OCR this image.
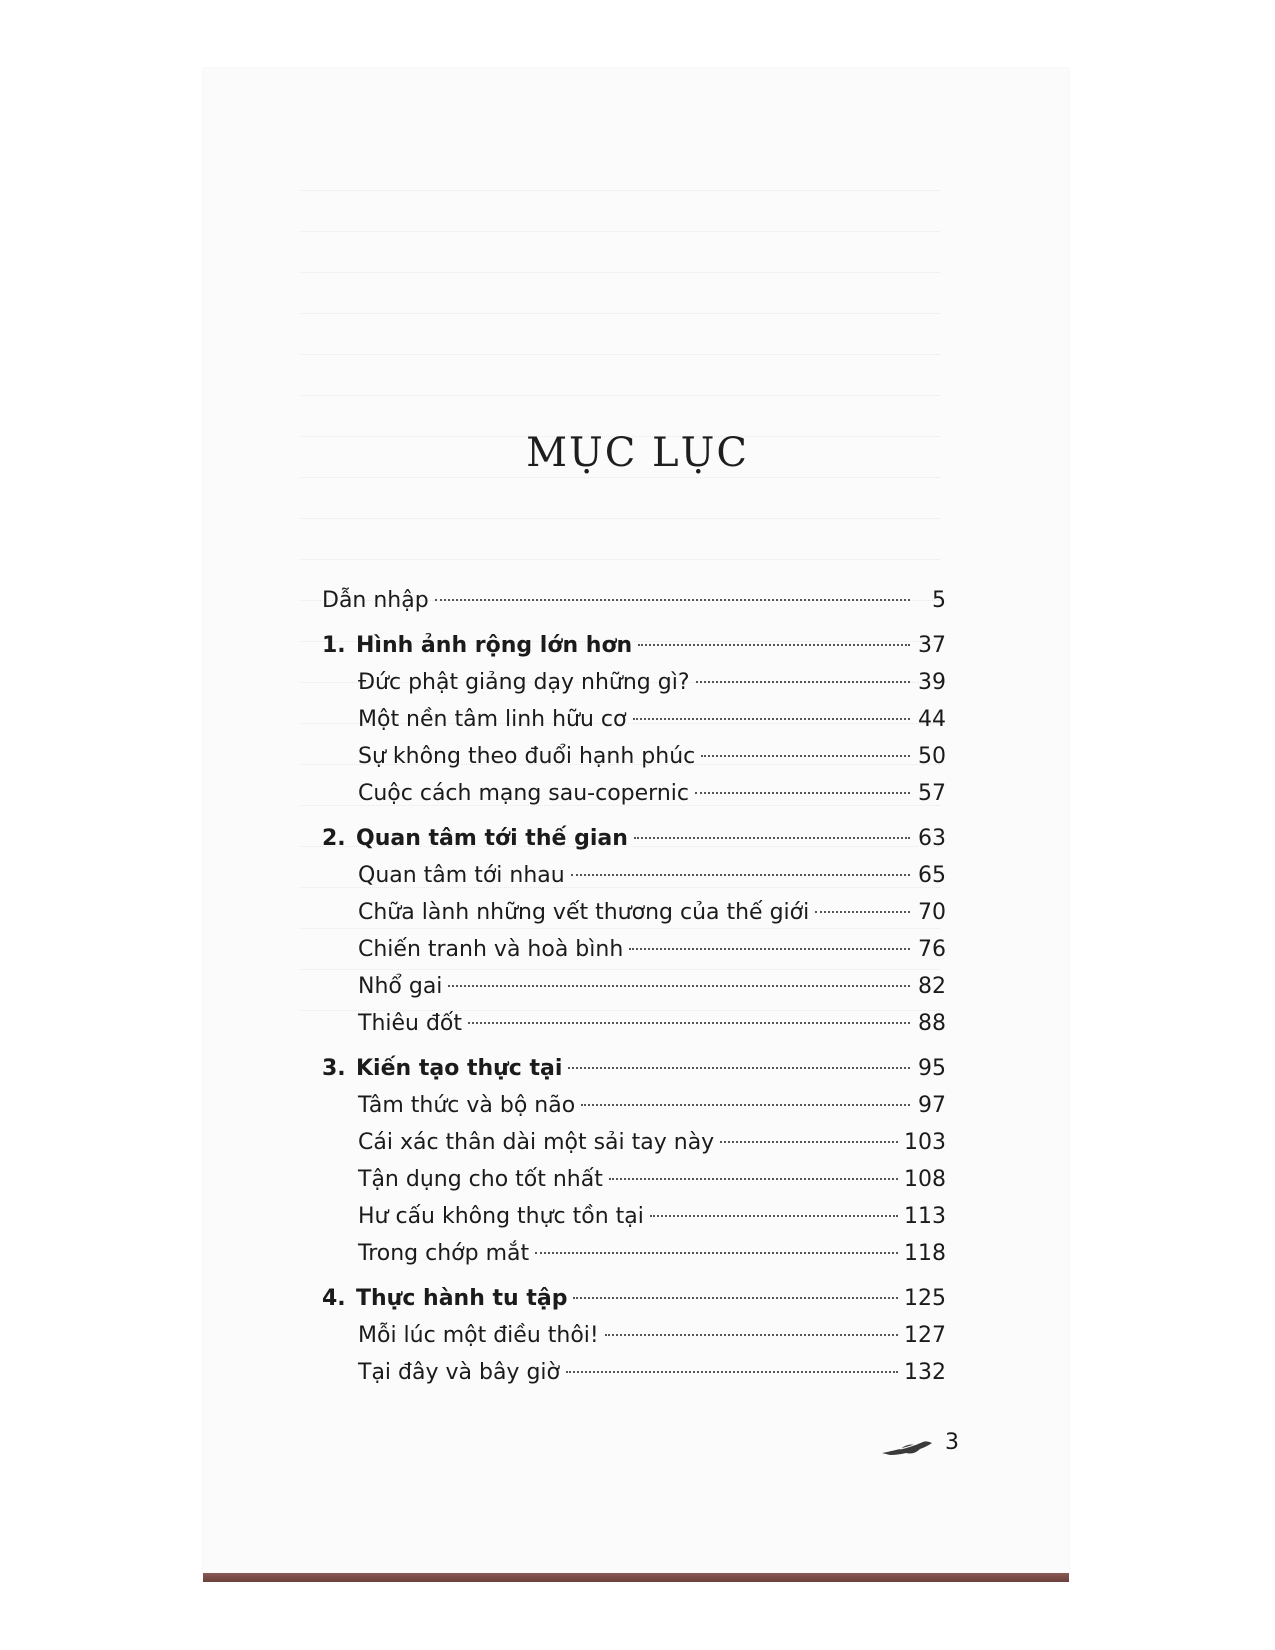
MỤC LỤC
Dẫn nhập	5
1. Hình ảnh rộng lớn hơn	37
Đức phật giảng dạy những gì?	39
Một nền tâm linh hữu cơ	44
Sự không theo đuổi hạnh phúc	50
Cuộc cách mạng sau-copernic	57
2. Quan tâm tới thế gian	63
Quan tâm tới nhau	65
Chữa lành những vết thương của thế giới	70
Chiến tranh và hoà bình	76
Nhổ gai	82
Thiêu đốt	88
3. Kiến tạo thực tại	95
Tâm thức và bộ não	97
Cái xác thân dài một sải tay này	103
Tận dụng cho tốt nhất	108
Hư cấu không thực tồn tại	113
Trong chớp mắt	118
4. Thực hành tu tập	125
Mỗi lúc một điều thôi!	127
Tại đây và bây giờ	132
3
